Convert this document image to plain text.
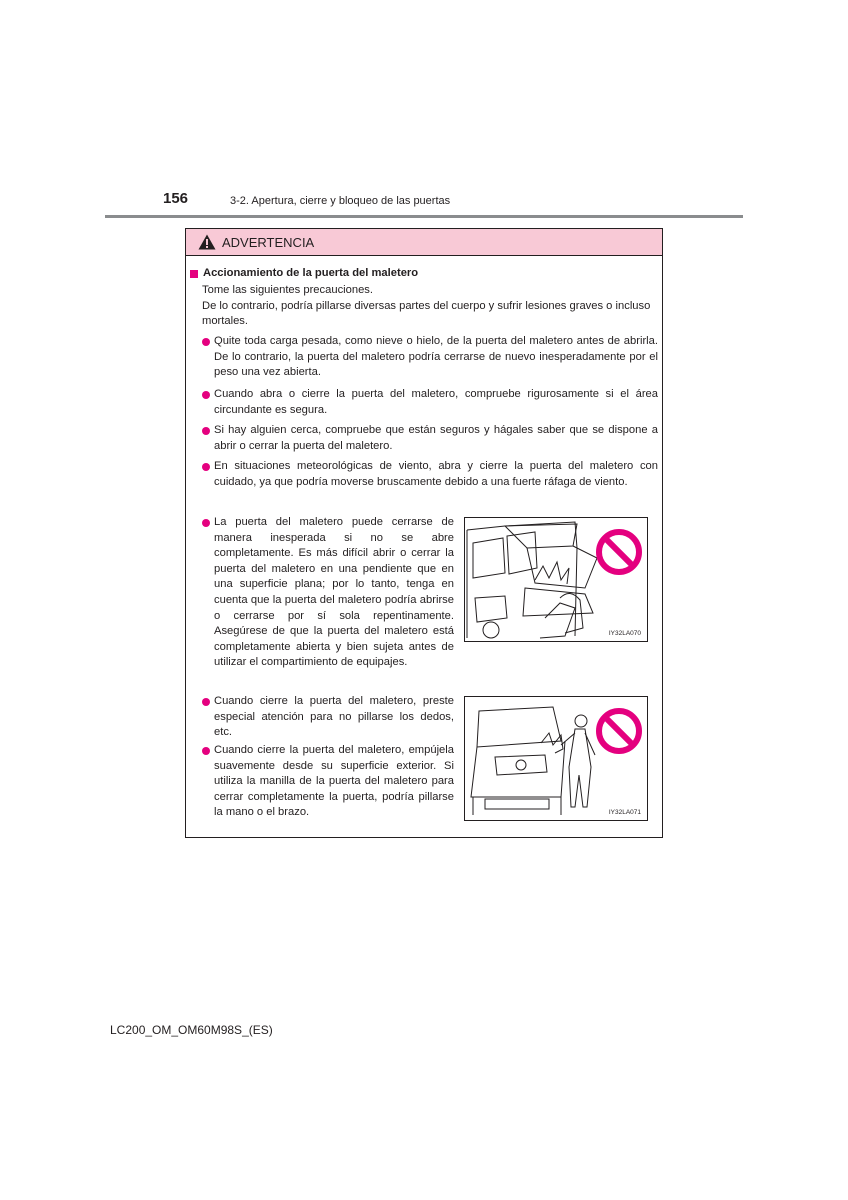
156	3-2. Apertura, cierre y bloqueo de las puertas
ADVERTENCIA
Accionamiento de la puerta del maletero
Tome las siguientes precauciones.
De lo contrario, podría pillarse diversas partes del cuerpo y sufrir lesiones graves o incluso mortales.
Quite toda carga pesada, como nieve o hielo, de la puerta del maletero antes de abrirla. De lo contrario, la puerta del maletero podría cerrarse de nuevo inesperadamente por el peso una vez abierta.
Cuando abra o cierre la puerta del maletero, compruebe rigurosamente si el área circundante es segura.
Si hay alguien cerca, compruebe que están seguros y hágales saber que se dispone a abrir o cerrar la puerta del maletero.
En situaciones meteorológicas de viento, abra y cierre la puerta del maletero con cuidado, ya que podría moverse bruscamente debido a una fuerte ráfaga de viento.
La puerta del maletero puede cerrarse de manera inesperada si no se abre completamente. Es más difícil abrir o cerrar la puerta del maletero en una pendiente que en una superficie plana; por lo tanto, tenga en cuenta que la puerta del maletero podría abrirse o cerrarse por sí sola repentinamente. Asegúrese de que la puerta del maletero está completamente abierta y bien sujeta antes de utilizar el compartimiento de equipajes.
Cuando cierre la puerta del maletero, preste especial atención para no pillarse los dedos, etc.
Cuando cierre la puerta del maletero, empújela suavemente desde su superficie exterior. Si utiliza la manilla de la puerta del maletero para cerrar completamente la puerta, podría pillarse la mano o el brazo.
IY32LA070
IY32LA071
LC200_OM_OM60M98S_(ES)
